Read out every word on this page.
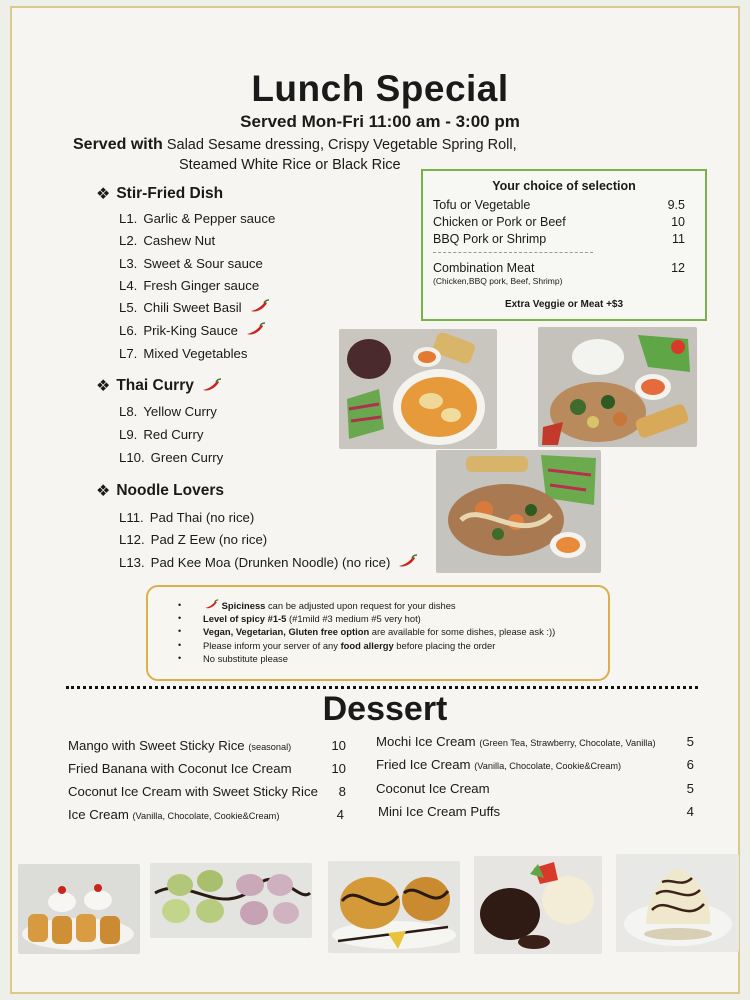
Lunch Special
Served Mon-Fri 11:00 am - 3:00 pm
Served with Salad Sesame dressing, Crispy Vegetable Spring Roll,
Steamed White Rice or Black Rice
❖ Stir-Fried Dish
L1. Garlic & Pepper sauce
L2. Cashew Nut
L3. Sweet & Sour sauce
L4. Fresh Ginger sauce
L5. Chili Sweet Basil
L6. Prik-King Sauce
L7. Mixed Vegetables
❖ Thai Curry
L8. Yellow Curry
L9. Red Curry
L10. Green Curry
❖ Noodle Lovers
L11. Pad Thai (no rice)
L12. Pad Z Eew (no rice)
L13. Pad Kee Moa (Drunken Noodle) (no rice)
Your choice of selection
Tofu or Vegetable	9.5
Chicken or Pork or Beef	10
BBQ Pork or Shrimp	11
Combination Meat	12
(Chicken,BBQ pork, Beef, Shrimp)
Extra Veggie or Meat +$3
• Spiciness can be adjusted upon request for your dishes
• Level of spicy #1-5 (#1mild #3 medium #5 very hot)
• Vegan, Vegetarian, Gluten free option are available for some dishes, please ask :))
• Please inform your server of any food allergy before placing the order
• No substitute please
Dessert
Mango with Sweet Sticky Rice (seasonal)	10
Fried Banana with Coconut Ice Cream	10
Coconut Ice Cream with Sweet Sticky Rice 8
Ice Cream (Vanilla, Chocolate, Cookie&Cream)	4
Mochi Ice Cream (Green Tea, Strawberry, Chocolate, Vanilla) 5
Fried Ice Cream (Vanilla, Chocolate, Cookie&Cream)	6
Coconut Ice Cream	5
Mini Ice Cream Puffs	4
